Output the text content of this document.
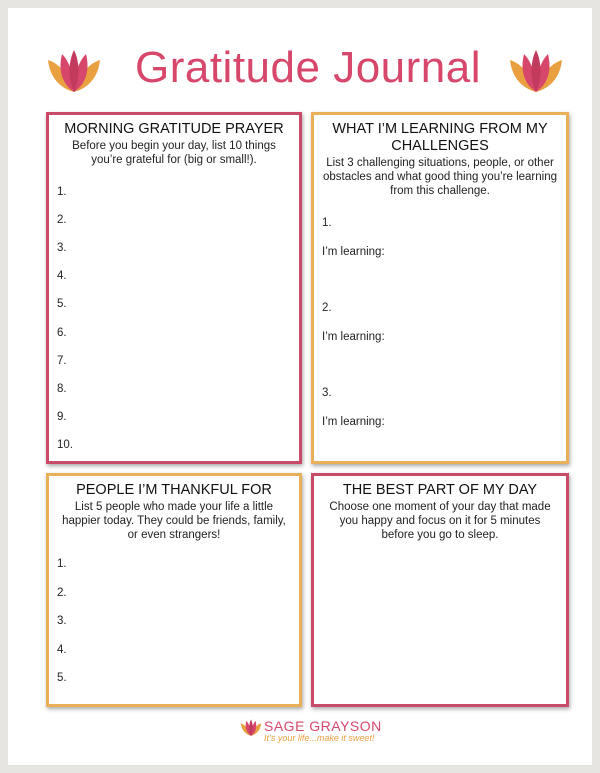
Gratitude Journal
MORNING GRATITUDE PRAYER

Before you begin your day, list 10 things you’re grateful for (big or small!).

1.
2.
3.
4.
5.
6.
7.
8.
9.
10.
WHAT I’M LEARNING FROM MY CHALLENGES

List 3 challenging situations, people, or other obstacles and what good thing you’re learning from this challenge.

1.
I’m learning:
2.
I’m learning:
3.
I’m learning:
PEOPLE I’M THANKFUL FOR

List 5 people who made your life a little happier today. They could be friends, family, or even strangers!

1.
2.
3.
4.
5.
THE BEST PART OF MY DAY

Choose one moment of your day that made you happy and focus on it for 5 minutes before you go to sleep.

SAGE GRAYSON
It’s your life...make it sweet!
